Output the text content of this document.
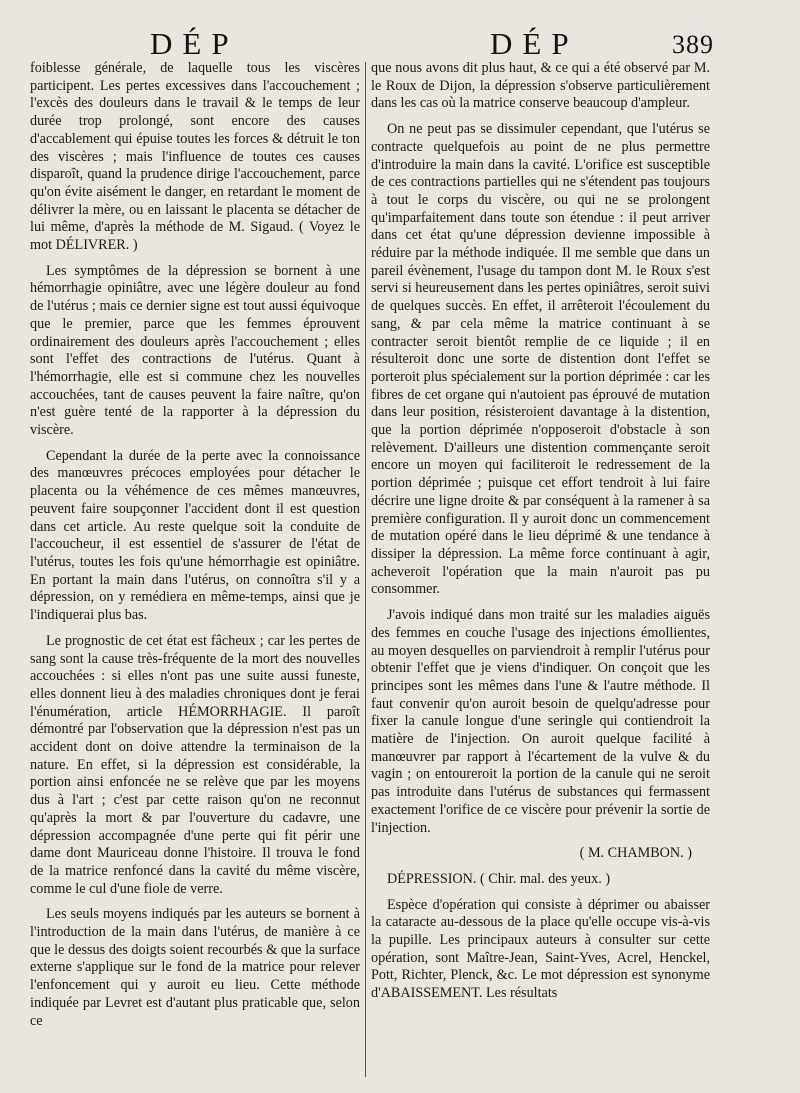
DÉP	DÉP	389

foiblesse générale, de laquelle tous les viscères participent. Les pertes excessives dans l'accouchement ; l'excès des douleurs dans le travail & le temps de leur durée trop prolongé, sont encore des causes d'accablement qui épuise toutes les forces & détruit le ton des viscères ; mais l'influence de toutes ces causes disparoît, quand la prudence dirige l'accouchement, parce qu'on évite aisément le danger, en retardant le moment de délivrer la mère, ou en laissant le placenta se détacher de lui même, d'après la méthode de M. Sigaud. ( Voyez le mot DÉLIVRER. )

Les symptômes de la dépression se bornent à une hémorrhagie opiniâtre, avec une légère douleur au fond de l'utérus ; mais ce dernier signe est tout aussi équivoque que le premier, parce que les femmes éprouvent ordinairement des douleurs après l'accouchement ; elles sont l'effet des contractions de l'utérus. Quant à l'hémorrhagie, elle est si commune chez les nouvelles accouchées, tant de causes peuvent la faire naître, qu'on n'est guère tenté de la rapporter à la dépression du viscère.

Cependant la durée de la perte avec la connoissance des manœuvres précoces employées pour détacher le placenta ou la véhémence de ces mêmes manœuvres, peuvent faire soupçonner l'accident dont il est question dans cet article. Au reste quelque soit la conduite de l'accoucheur, il est essentiel de s'assurer de l'état de l'utérus, toutes les fois qu'une hémorrhagie est opiniâtre. En portant la main dans l'utérus, on connoîtra s'il y a dépression, on y remédiera en même-temps, ainsi que je l'indiquerai plus bas.

Le prognostic de cet état est fâcheux ; car les pertes de sang sont la cause très-fréquente de la mort des nouvelles accouchées : si elles n'ont pas une suite aussi funeste, elles donnent lieu à des maladies chroniques dont je ferai l'énumération, article HÉMORRHAGIE. Il paroît démontré par l'observation que la dépression n'est pas un accident dont on doive attendre la terminaison de la nature. En effet, si la dépression est considérable, la portion ainsi enfoncée ne se relève que par les moyens dus à l'art ; c'est par cette raison qu'on ne reconnut qu'après la mort & par l'ouverture du cadavre, une dépression accompagnée d'une perte qui fit périr une dame dont Mauriceau donne l'histoire. Il trouva le fond de la matrice renfoncé dans la cavité du même viscère, comme le cul d'une fiole de verre.

Les seuls moyens indiqués par les auteurs se bornent à l'introduction de la main dans l'utérus, de manière à ce que le dessus des doigts soient recourbés & que la surface externe s'applique sur le fond de la matrice pour relever l'enfoncement qui y auroit eu lieu. Cette méthode indiquée par Levret est d'autant plus praticable que, selon ce

que nous avons dit plus haut, & ce qui a été observé par M. le Roux de Dijon, la dépression s'observe particulièrement dans les cas où la matrice conserve beaucoup d'ampleur.

On ne peut pas se dissimuler cependant, que l'utérus se contracte quelquefois au point de ne plus permettre d'introduire la main dans la cavité. L'orifice est susceptible de ces contractions partielles qui ne s'étendent pas toujours à tout le corps du viscère, ou qui ne se prolongent qu'imparfaitement dans toute son étendue : il peut arriver dans cet état qu'une dépression devienne impossible à réduire par la méthode indiquée. Il me semble que dans un pareil évènement, l'usage du tampon dont M. le Roux s'est servi si heureusement dans les pertes opiniâtres, seroit suivi de quelques succès. En effet, il arrêteroit l'écoulement du sang, & par cela même la matrice continuant à se contracter seroit bientôt remplie de ce liquide ; il en résulteroit donc une sorte de distention dont l'effet se porteroit plus spécialement sur la portion déprimée : car les fibres de cet organe qui n'autoient pas éprouvé de mutation dans leur position, résisteroient davantage à la distention, que la portion déprimée n'opposeroit d'obstacle à son relèvement. D'ailleurs une distention commençante seroit encore un moyen qui faciliteroit le redressement de la portion déprimée ; puisque cet effort tendroit à lui faire décrire une ligne droite & par conséquent à la ramener à sa première configuration. Il y auroit donc un commencement de mutation opéré dans le lieu déprimé & une tendance à dissiper la dépression. La même force continuant à agir, acheveroit l'opération que la main n'auroit pas pu consommer.

J'avois indiqué dans mon traité sur les maladies aiguës des femmes en couche l'usage des injections émollientes, au moyen desquelles on parviendroit à remplir l'utérus pour obtenir l'effet que je viens d'indiquer. On conçoit que les principes sont les mêmes dans l'une & l'autre méthode. Il faut convenir qu'on auroit besoin de quelqu'adresse pour fixer la canule longue d'une seringle qui contiendroit la matière de l'injection. On auroit quelque facilité à manœuvrer par rapport à l'écartement de la vulve & du vagin ; on entoureroit la portion de la canule qui ne seroit pas introduite dans l'utérus de substances qui fermassent exactement l'orifice de ce viscère pour prévenir la sortie de l'injection.

( M. CHAMBON. )

DÉPRESSION. ( Chir. mal. des yeux. )

Espèce d'opération qui consiste à déprimer ou abaisser la cataracte au-dessous de la place qu'elle occupe vis-à-vis la pupille. Les principaux auteurs à consulter sur cette opération, sont Maître-Jean, Saint-Yves, Acrel, Henckel, Pott, Richter, Plenck, &c. Le mot dépression est synonyme d'ABAISSEMENT. Les résultats
